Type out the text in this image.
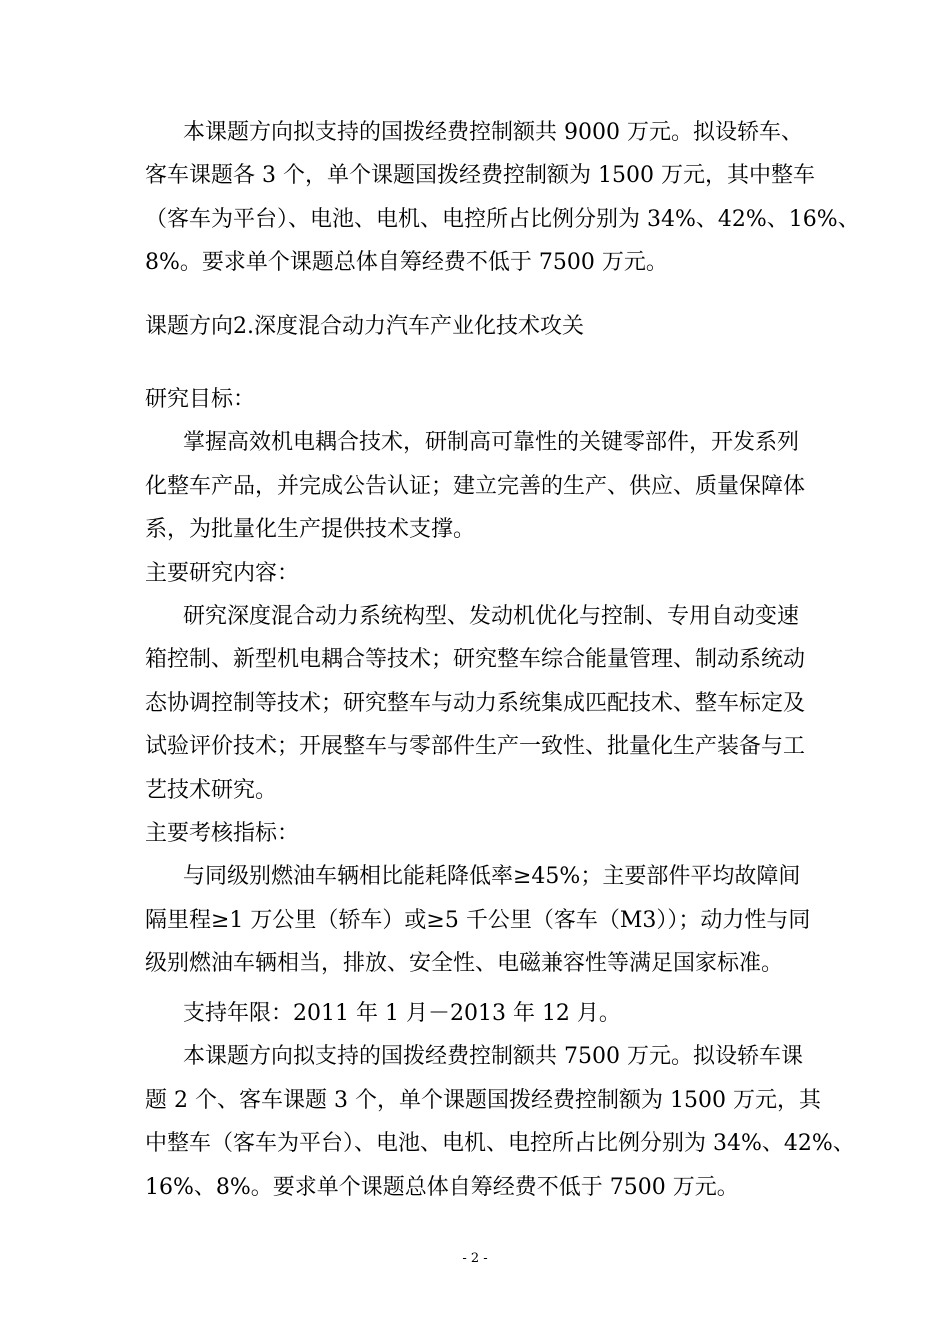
本课题方向拟支持的国拨经费控制额共 9000 万元。拟设轿车、

客车课题各 3 个，单个课题国拨经费控制额为 1500 万元，其中整车

（客车为平台）、电池、电机、电控所占比例分别为 34%、42%、16%、

8%。要求单个课题总体自筹经费不低于 7500 万元。

课题方向2.深度混合动力汽车产业化技术攻关

研究目标：

掌握高效机电耦合技术，研制高可靠性的关键零部件，开发系列

化整车产品，并完成公告认证；建立完善的生产、供应、质量保障体

系，为批量化生产提供技术支撑。

主要研究内容：

研究深度混合动力系统构型、发动机优化与控制、专用自动变速

箱控制、新型机电耦合等技术；研究整车综合能量管理、制动系统动

态协调控制等技术；研究整车与动力系统集成匹配技术、整车标定及

试验评价技术；开展整车与零部件生产一致性、批量化生产装备与工

艺技术研究。

主要考核指标：

与同级别燃油车辆相比能耗降低率≥45%；主要部件平均故障间

隔里程≥1 万公里（轿车）或≥5 千公里（客车（M3））；动力性与同

级别燃油车辆相当，排放、安全性、电磁兼容性等满足国家标准。

支持年限：2011 年 1 月－2013 年 12 月。

本课题方向拟支持的国拨经费控制额共 7500 万元。拟设轿车课

题 2 个、客车课题 3 个，单个课题国拨经费控制额为 1500 万元，其

中整车（客车为平台）、电池、电机、电控所占比例分别为 34%、42%、

16%、8%。要求单个课题总体自筹经费不低于 7500 万元。

- 2 -
